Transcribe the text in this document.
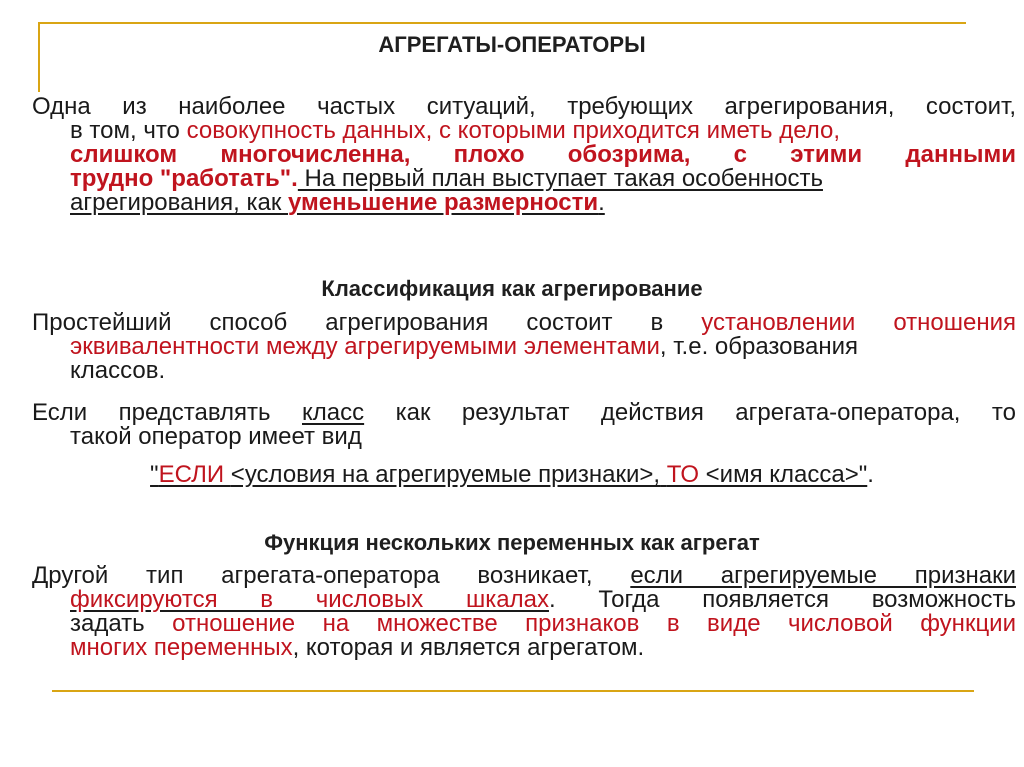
АГРЕГАТЫ-ОПЕРАТОРЫ
Одна из наиболее частых ситуаций, требующих агрегирования, состоит,
в том, что совокупность данных, с которыми приходится иметь дело,
слишком многочисленна, плохо обозрима, с этими данными
трудно "работать". На первый план выступает такая особенность
агрегирования, как уменьшение размерности.
Классификация как агрегирование
Простейший способ агрегирования состоит в установлении отношения
эквивалентности между агрегируемыми элементами, т.е. образования
классов.
Если представлять класс как результат действия агрегата-оператора, то
такой оператор имеет вид
"ЕСЛИ <условия на агрегируемые признаки>, ТО <имя класса>".
Функция нескольких переменных как агрегат
Другой тип агрегата-оператора возникает, если агрегируемые признаки
фиксируются в числовых шкалах. Тогда появляется возможность
задать отношение на множестве признаков в виде числовой функции
многих переменных, которая и является агрегатом.
